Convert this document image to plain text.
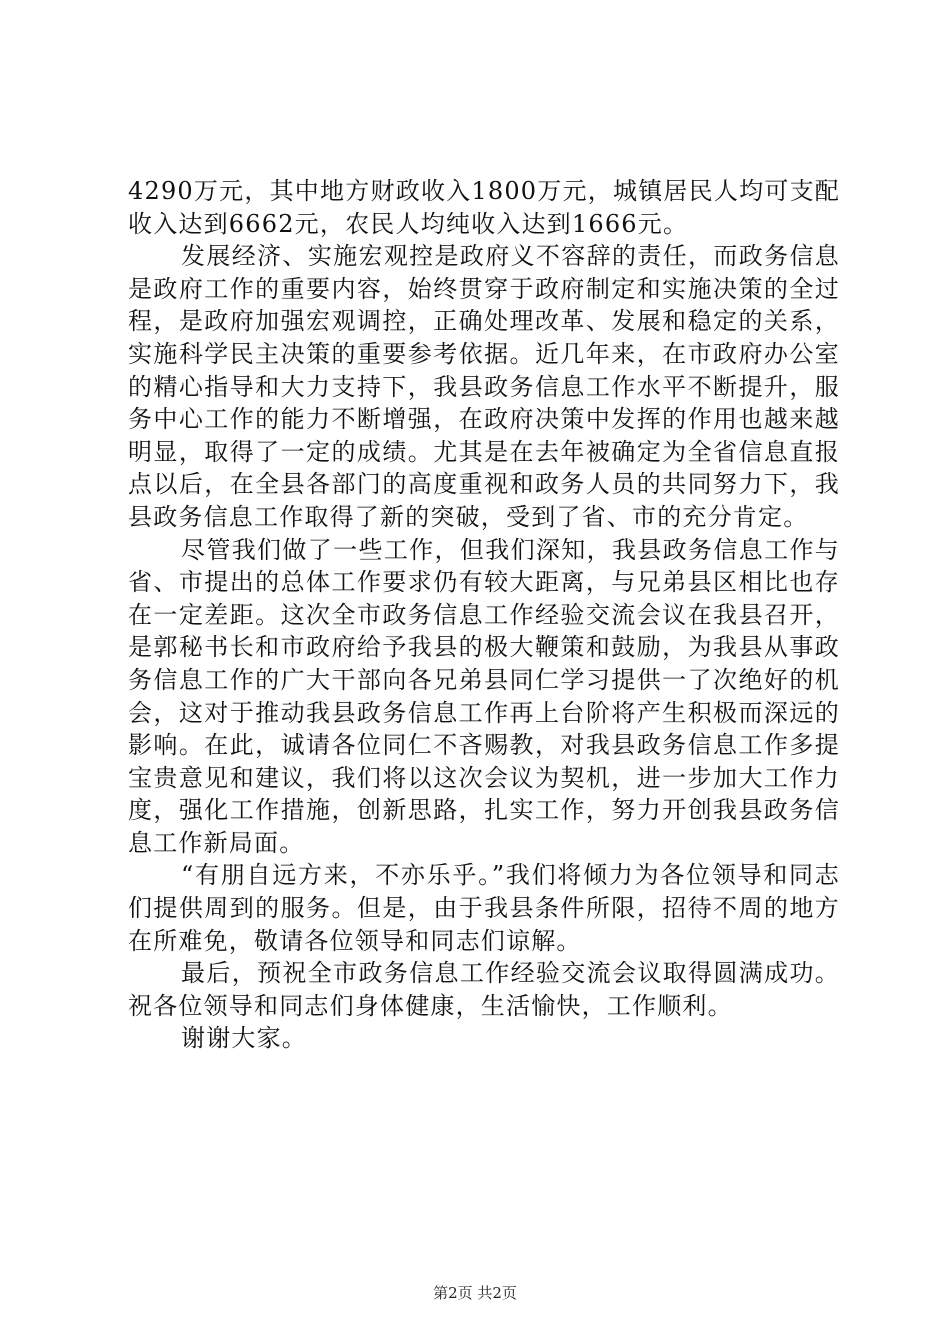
4290万元，其中地方财政收入1800万元，城镇居民人均可支配收入达到6662元，农民人均纯收入达到1666元。

发展经济、实施宏观控是政府义不容辞的责任，而政务信息是政府工作的重要内容，始终贯穿于政府制定和实施决策的全过程，是政府加强宏观调控，正确处理改革、发展和稳定的关系，实施科学民主决策的重要参考依据。近几年来，在市政府办公室的精心指导和大力支持下，我县政务信息工作水平不断提升，服务中心工作的能力不断增强，在政府决策中发挥的作用也越来越明显，取得了一定的成绩。尤其是在去年被确定为全省信息直报点以后，在全县各部门的高度重视和政务人员的共同努力下，我县政务信息工作取得了新的突破，受到了省、市的充分肯定。

尽管我们做了一些工作，但我们深知，我县政务信息工作与省、市提出的总体工作要求仍有较大距离，与兄弟县区相比也存在一定差距。这次全市政务信息工作经验交流会议在我县召开，是郭秘书长和市政府给予我县的极大鞭策和鼓励，为我县从事政务信息工作的广大干部向各兄弟县同仁学习提供一了次绝好的机会，这对于推动我县政务信息工作再上台阶将产生积极而深远的影响。在此，诚请各位同仁不吝赐教，对我县政务信息工作多提宝贵意见和建议，我们将以这次会议为契机，进一步加大工作力度，强化工作措施，创新思路，扎实工作，努力开创我县政务信息工作新局面。

“有朋自远方来，不亦乐乎。”我们将倾力为各位领导和同志们提供周到的服务。但是，由于我县条件所限，招待不周的地方在所难免，敬请各位领导和同志们谅解。

最后，预祝全市政务信息工作经验交流会议取得圆满成功。祝各位领导和同志们身体健康，生活愉快，工作顺利。

谢谢大家。

第2页 共2页
